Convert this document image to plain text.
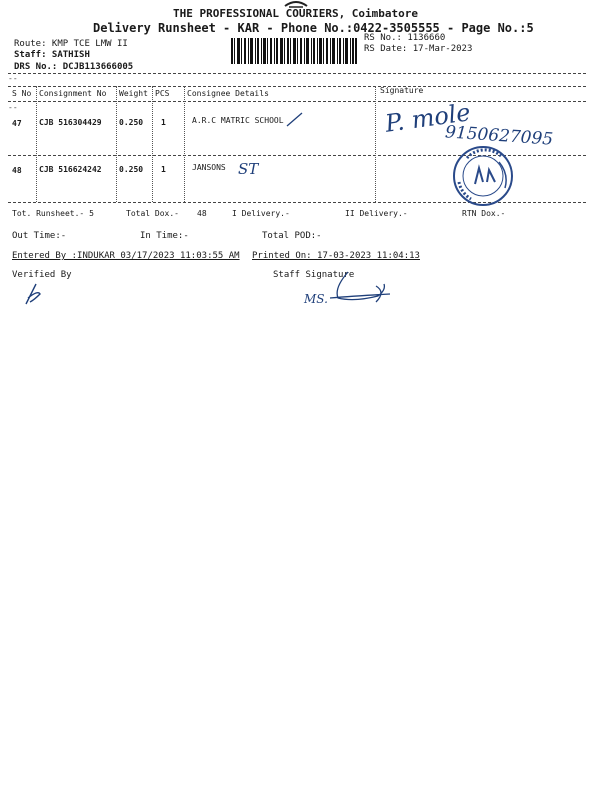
THE PROFESSIONAL COURIERS, Coimbatore
Delivery Runsheet - KAR - Phone No.:0422-3505555 - Page No.:5
Route: KMP TCE LMW II
Staff: SATHISH
DRS No.: DCJB113666005
RS No.: 1136660
RS Date: 17-Mar-2023
--
--
S No Consignment No Weight PCS Consignee Details	Signature
47 CJB 516304429 0.250 1	A.R.C MATRIC SCHOOL
48 CJB 516624242 0.250 1	JANSONS
P. mole
9150627095
ST
Tot. Runsheet.- 5	Total Dox.- 48	I Delivery.-	II Delivery.-	RTN Dox.-
Out Time:-	In Time:-	Total POD:-
Entered By :INDUKAR 03/17/2023 11:03:55 AM Printed On: 17-03-2023 11:04:13
Verified By	Staff Signature
MS.
